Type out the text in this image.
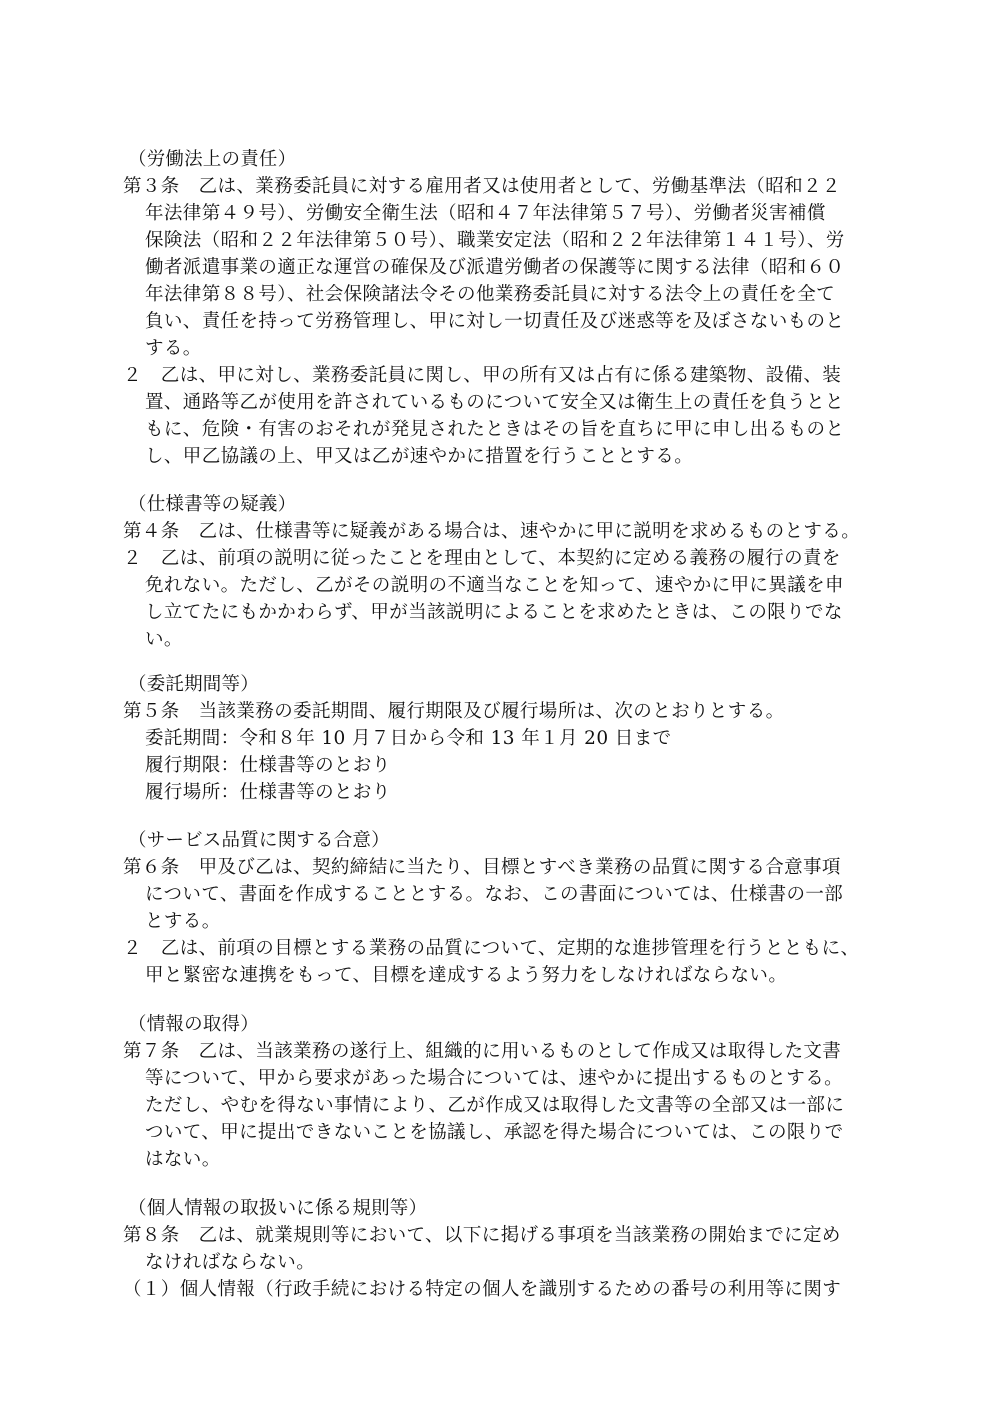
（労働法上の責任）
第３条　乙は、業務委託員に対する雇用者又は使用者として、労働基準法（昭和２２
年法律第４９号）、労働安全衛生法（昭和４７年法律第５７号）、労働者災害補償
保険法（昭和２２年法律第５０号）、職業安定法（昭和２２年法律第１４１号）、労
働者派遣事業の適正な運営の確保及び派遣労働者の保護等に関する法律（昭和６０
年法律第８８号）、社会保険諸法令その他業務委託員に対する法令上の責任を全て
負い、責任を持って労務管理し、甲に対し一切責任及び迷惑等を及ぼさないものと
する。
２　乙は、甲に対し、業務委託員に関し、甲の所有又は占有に係る建築物、設備、装
置、通路等乙が使用を許されているものについて安全又は衛生上の責任を負うとと
もに、危険・有害のおそれが発見されたときはその旨を直ちに甲に申し出るものと
し、甲乙協議の上、甲又は乙が速やかに措置を行うこととする。
（仕様書等の疑義）
第４条　乙は、仕様書等に疑義がある場合は、速やかに甲に説明を求めるものとする。
２　乙は、前項の説明に従ったことを理由として、本契約に定める義務の履行の責を
免れない。ただし、乙がその説明の不適当なことを知って、速やかに甲に異議を申
し立てたにもかかわらず、甲が当該説明によることを求めたときは、この限りでな
い。
（委託期間等）
第５条　当該業務の委託期間、履行期限及び履行場所は、次のとおりとする。
委託期間：令和８年 10 月７日から令和 13 年１月 20 日まで
履行期限：仕様書等のとおり
履行場所：仕様書等のとおり
（サービス品質に関する合意）
第６条　甲及び乙は、契約締結に当たり、目標とすべき業務の品質に関する合意事項
について、書面を作成することとする。なお、この書面については、仕様書の一部
とする。
２　乙は、前項の目標とする業務の品質について、定期的な進捗管理を行うとともに、
甲と緊密な連携をもって、目標を達成するよう努力をしなければならない。
（情報の取得）
第７条　乙は、当該業務の遂行上、組織的に用いるものとして作成又は取得した文書
等について、甲から要求があった場合については、速やかに提出するものとする。
ただし、やむを得ない事情により、乙が作成又は取得した文書等の全部又は一部に
ついて、甲に提出できないことを協議し、承認を得た場合については、この限りで
はない。
（個人情報の取扱いに係る規則等）
第８条　乙は、就業規則等において、以下に掲げる事項を当該業務の開始までに定め
なければならない。
（１）個人情報（行政手続における特定の個人を識別するための番号の利用等に関す
